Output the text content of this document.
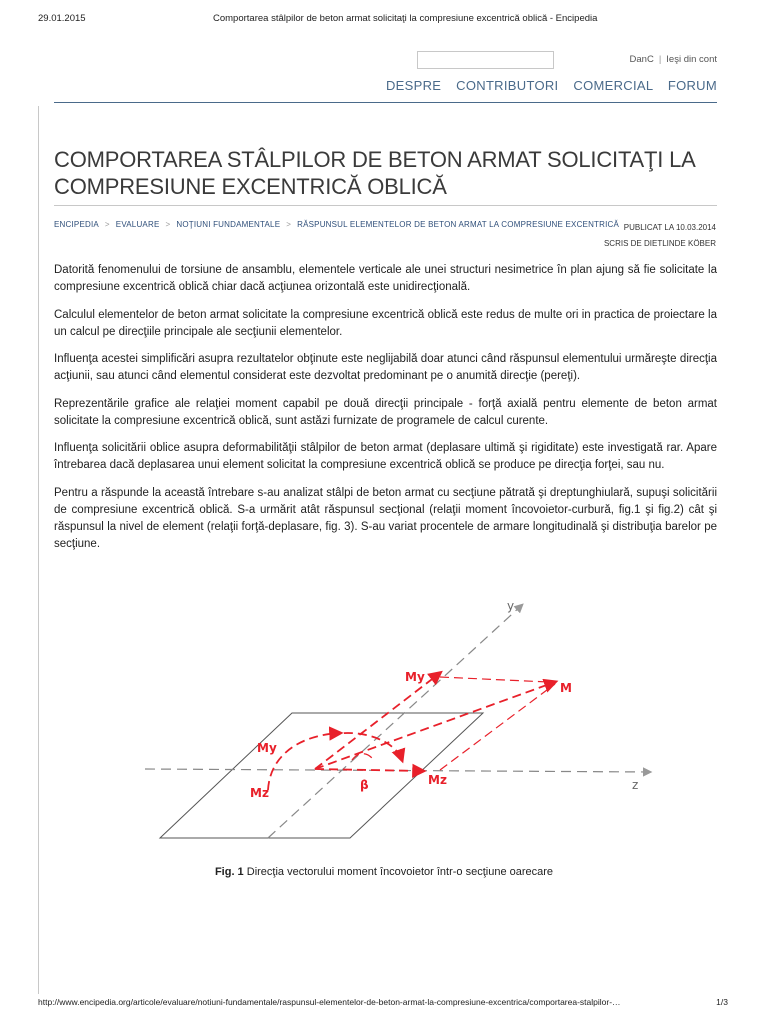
29.01.2015	Comportarea stâlpilor de beton armat solicitaţi la compresiune excentrică oblică - Encipedia
DanC | Ieşi din cont
DESPRE CONTRIBUTORI COMERCIAL FORUM
COMPORTAREA STÂLPILOR DE BETON ARMAT SOLICITAŢI LA COMPRESIUNE EXCENTRICĂ OBLICĂ
ENCIPEDIA > EVALUARE > NOŢIUNI FUNDAMENTALE > RĂSPUNSUL ELEMENTELOR DE BETON ARMAT LA COMPRESIUNE EXCENTRICĂ PUBLICAT LA 10.03.2014
SCRIS DE DIETLINDE KÖBER

Datorită fenomenului de torsiune de ansamblu, elementele verticale ale unei structuri nesimetrice în plan ajung să fie solicitate la compresiune excentrică oblică chiar dacă acţiunea orizontală este unidirecţională.

Calculul elementelor de beton armat solicitate la compresiune excentrică oblică este redus de multe ori in practica de proiectare la un calcul pe direcţiile principale ale secţiunii elementelor.

Influenţa acestei simplificări asupra rezultatelor obţinute este neglijabilă doar atunci când răspunsul elementului urmăreşte direcţia acţiunii, sau atunci când elementul considerat este dezvoltat predominant pe o anumită direcţie (pereţi).

Reprezentările grafice ale relaţiei moment capabil pe două direcţii principale - forţă axială pentru elemente de beton armat solicitate la compresiune excentrică oblică, sunt astăzi furnizate de programele de calcul curente.

Influenţa solicitării oblice asupra deformabilităţii stâlpilor de beton armat (deplasare ultimă şi rigiditate) este investigată rar. Apare întrebarea dacă deplasarea unui element solicitat la compresiune excentrică oblică se produce pe direcţia forţei, sau nu.

Pentru a răspunde la această întrebare s-au analizat stâlpi de beton armat cu secţiune pătrată şi dreptunghiulară, supuşi solicitării de compresiune excentrică oblică. S-a urmărit atât răspunsul secţional (relaţii moment încovoietor-curbură, fig.1 şi fig.2) cât şi răspunsul la nivel de element (relaţii forţă-deplasare, fig. 3). S-au variat procentele de armare longitudinală şi distribuţia barelor pe secţiune.

y
z
My
M
My
Mz
β	Mz
Fig. 1 Direcţia vectorului moment încovoietor într-o secţiune oarecare
http://www.encipedia.org/articole/evaluare/notiuni-fundamentale/raspunsul-elementelor-de-beton-armat-la-compresiune-excentrica/comportarea-stalpilor-…	1/3
